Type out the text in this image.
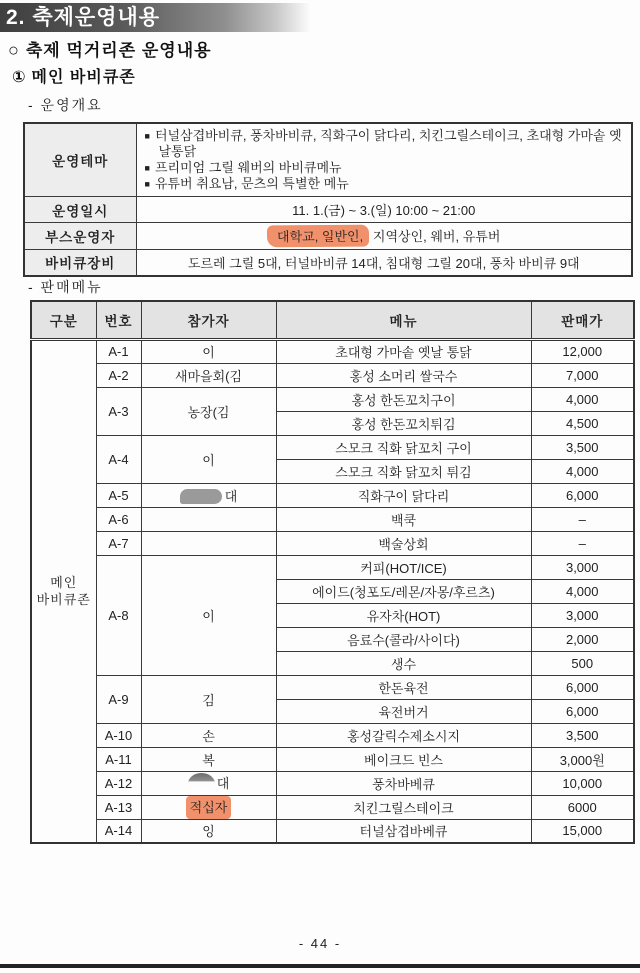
2. 축제운영내용
○ 축제 먹거리존 운영내용
① 메인 바비큐존
- 운영개요
운영테마	■ 터널삼겹바비큐, 풍차바비큐, 직화구이 닭다리, 치킨그릴스테이크, 초대형 가마솥 옛날통닭
■ 프리미엄 그릴 웨버의 바비큐메뉴
■ 유튜버 취요남, 문츠의 특별한 메뉴

운영일시	11. 1.(금) ~ 3.(일) 10:00 ~ 21:00
부스운영자	대학교, 일반인, 지역상인, 웨버, 유튜버
바비큐장비	도르레 그릴 5대, 터널바비큐 14대, 침대형 그릴 20대, 풍차 바비큐 9대
- 판매메뉴
구분	번호	참가자	메뉴	판매가

메인
바비큐존	A-1	이	초대형 가마솥 옛날 통닭	12,000
	A-2	새마을회(김	홍성 소머리 쌀국수	7,000
	A-3	농장(김	홍성 한돈꼬치구이	4,000
			홍성 한돈꼬치튀김	4,500
	A-4	이	스모크 직화 닭꼬치 구이	3,500
			스모크 직화 닭꼬치 튀김	4,000
	A-5	대	직화구이 닭다리	6,000
	A-6		백쿡	–
	A-7		백술상회	–
	A-8	이	커피(HOT/ICE)	3,000
			에이드(청포도/레몬/자몽/후르츠)	4,000
			유자차(HOT)	3,000
			음료수(콜라/사이다)	2,000
			생수	500
	A-9	김	한돈육전	6,000
			육전버거	6,000
	A-10	손	홍성갈릭수제소시지	3,500
	A-11	복	베이크드 빈스	3,000원
	A-12	대	풍차바베큐	10,000
	A-13	적십자	치킨그릴스테이크	6000
	A-14	잉	터널삼겹바베큐	15,000
- 44 -
